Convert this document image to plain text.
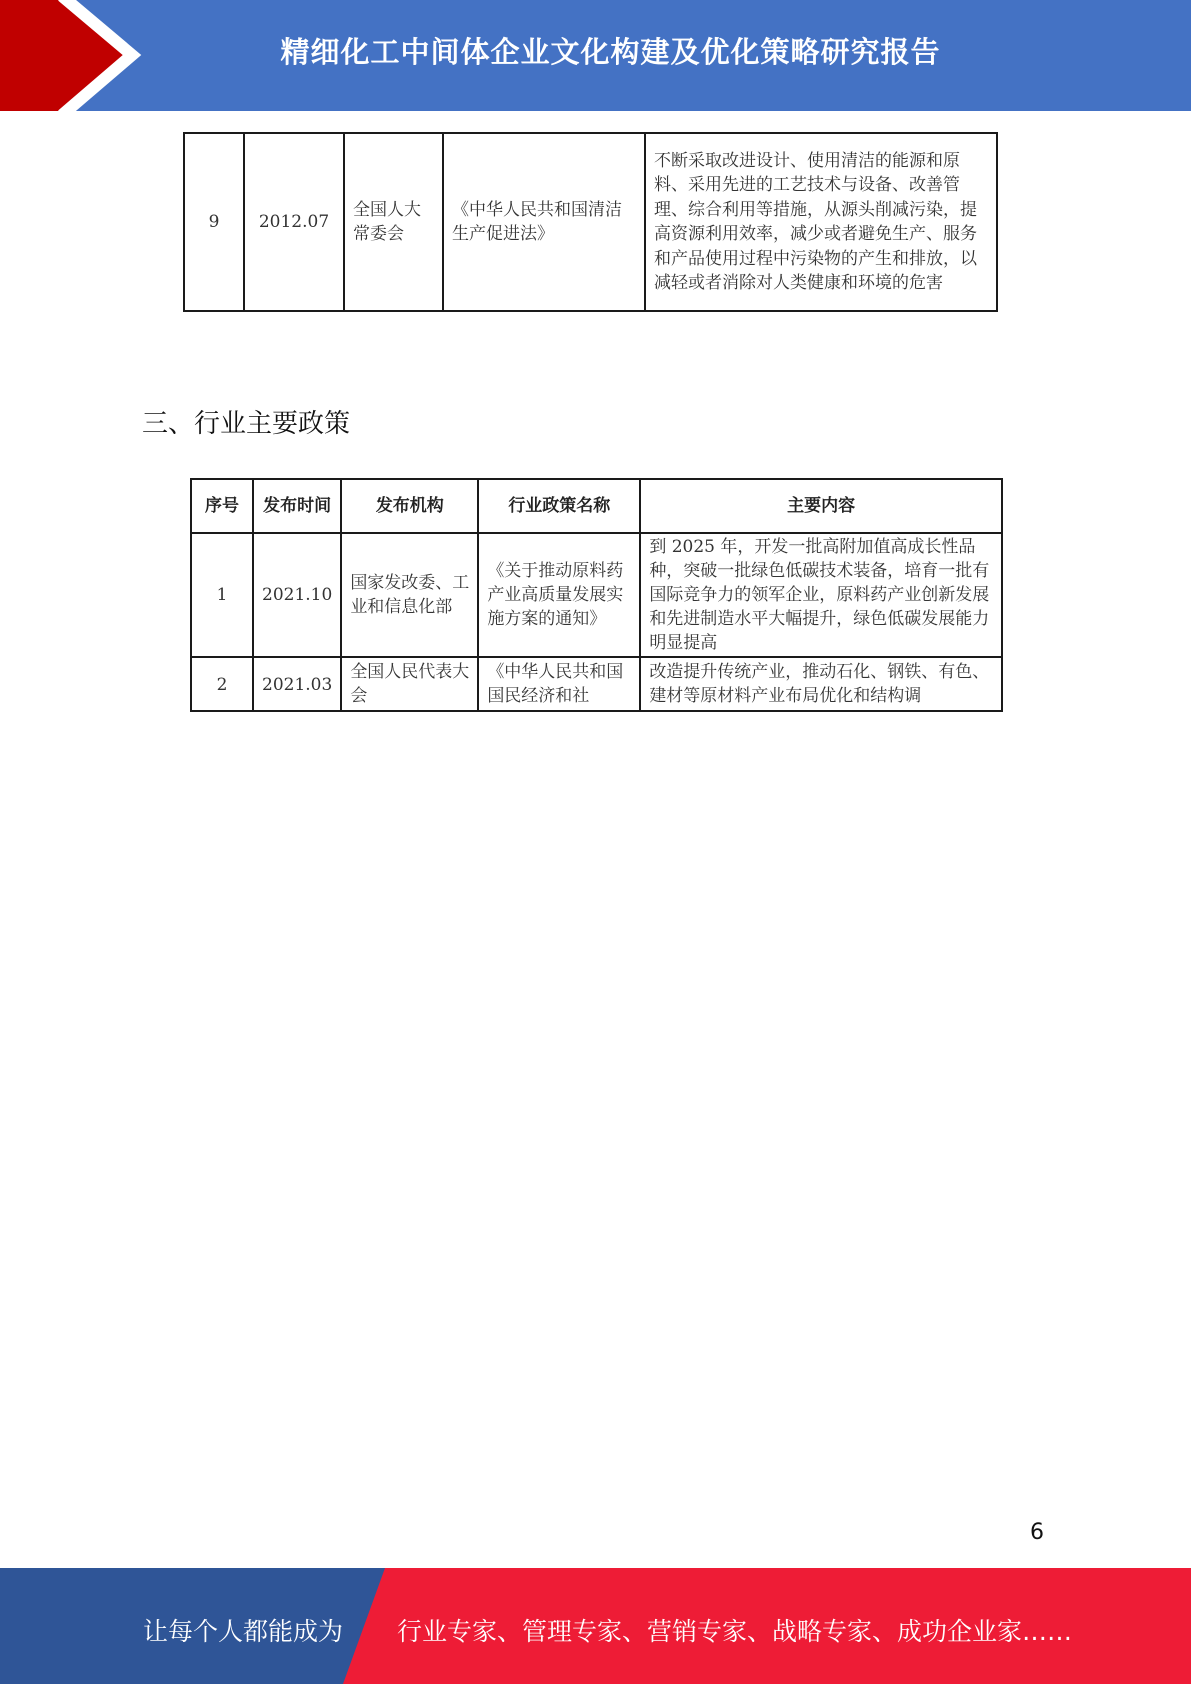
精细化工中间体企业文化构建及优化策略研究报告
9	2012.07	全国人大常委会	《中华人民共和国清洁生产促进法》	不断采取改进设计、使用清洁的能源和原料、采用先进的工艺技术与设备、改善管理、综合利用等措施，从源头削减污染，提高资源利用效率，减少或者避免生产、服务和产品使用过程中污染物的产生和排放，以减轻或者消除对人类健康和环境的危害
三、行业主要政策
序号	发布时间	发布机构	行业政策名称	主要内容
1	2021.10	国家发改委、工业和信息化部	《关于推动原料药产业高质量发展实施方案的通知》	到 2025 年，开发一批高附加值高成长性品种，突破一批绿色低碳技术装备，培育一批有国际竞争力的领军企业，原料药产业创新发展和先进制造水平大幅提升，绿色低碳发展能力明显提高
2	2021.03	全国人民代表大会	《中华人民共和国国民经济和社	改造提升传统产业，推动石化、钢铁、有色、建材等原材料产业布局优化和结构调
6
让每个人都能成为 行业专家、管理专家、营销专家、战略专家、成功企业家……
